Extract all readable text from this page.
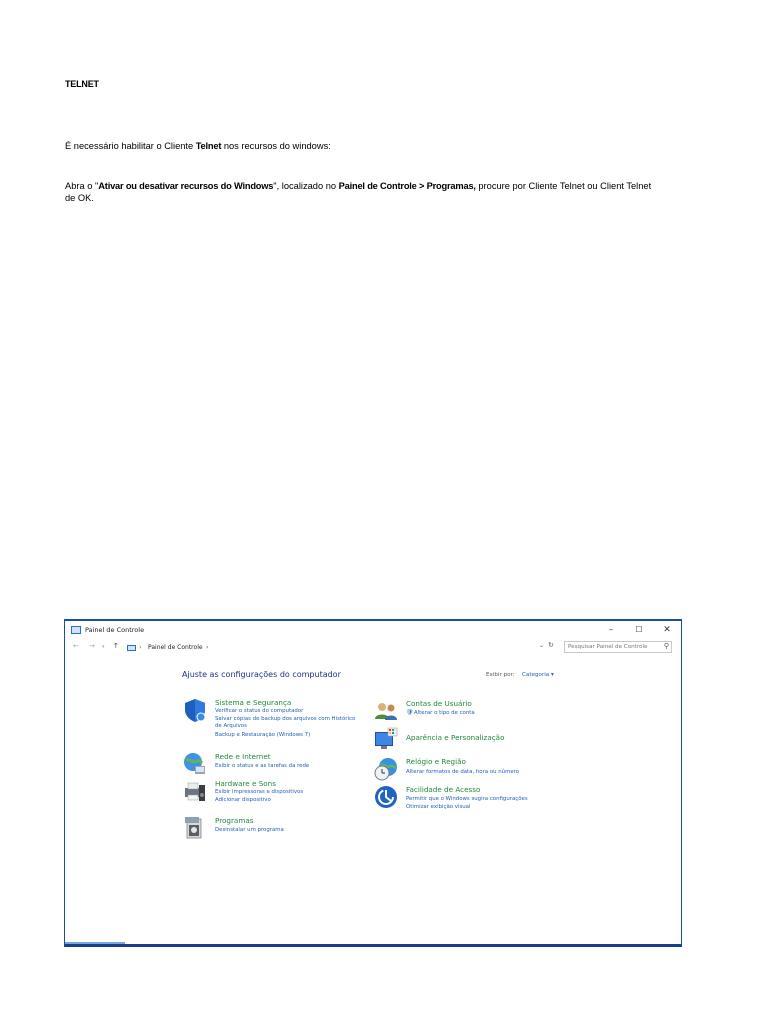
TELNET
É necessário habilitar o Cliente Telnet nos recursos do windows:
Abra o "Ativar ou desativar recursos do Windows", localizado no Painel de Controle > Programas, procure por Cliente Telnet ou Client Telnet
de OK.
Painel de Controle	–	☐	✕
← → ▾ ↑	› Painel de Controle ›	⌄ ↻	Pesquisar Painel de Controle ⚲
Ajuste as configurações do computador	Exibir por: Categoria ▾
Sistema e Segurança
Verificar o status do computador
Salvar cópias de backup dos arquivos com Histórico
de Arquivos
Backup e Restauração (Windows 7)
Rede e Internet
Exibir o status e as tarefas da rede
Hardware e Sons
Exibir impressoras e dispositivos
Adicionar dispositivo
Programas
Desinstalar um programa
Contas de Usuário
Alterar o tipo de conta
🛡
Aparência e Personalização
Relógio e Região
Alterar formatos de data, hora ou número
Facilidade de Acesso
Permitir que o Windows sugira configurações
Otimizar exibição visual
